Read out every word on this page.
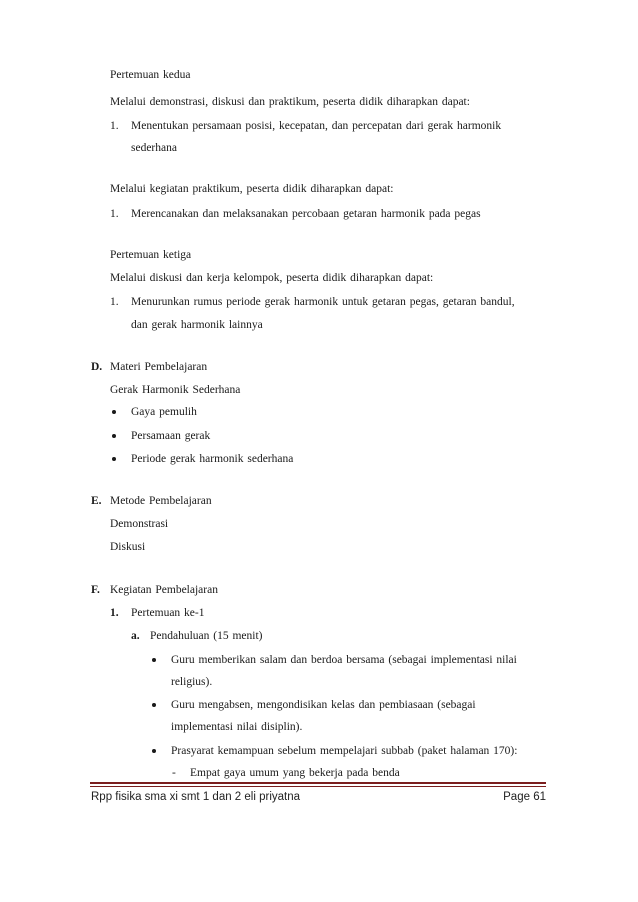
Pertemuan kedua
Melalui demonstrasi, diskusi dan praktikum, peserta didik diharapkan dapat:
1. Menentukan persamaan posisi, kecepatan, dan percepatan dari gerak harmonik
sederhana
Melalui kegiatan praktikum, peserta didik diharapkan dapat:
1. Merencanakan dan melaksanakan percobaan getaran harmonik pada pegas
Pertemuan ketiga
Melalui diskusi dan kerja kelompok, peserta didik diharapkan dapat:
1. Menurunkan rumus periode gerak harmonik untuk getaran pegas, getaran bandul,
dan gerak harmonik lainnya
D. Materi Pembelajaran
Gerak Harmonik Sederhana
Gaya pemulih
Persamaan gerak
Periode gerak harmonik sederhana
E. Metode Pembelajaran
Demonstrasi
Diskusi
F. Kegiatan Pembelajaran
1. Pertemuan ke-1
a. Pendahuluan (15 menit)
Guru memberikan salam dan berdoa bersama (sebagai implementasi nilai
religius).
Guru mengabsen, mengondisikan kelas dan pembiasaan (sebagai
implementasi nilai disiplin).
Prasyarat kemampuan sebelum mempelajari subbab (paket halaman 170):
- Empat gaya umum yang bekerja pada benda
Rpp fisika sma xi smt 1 dan 2 eli priyatna	Page 61
